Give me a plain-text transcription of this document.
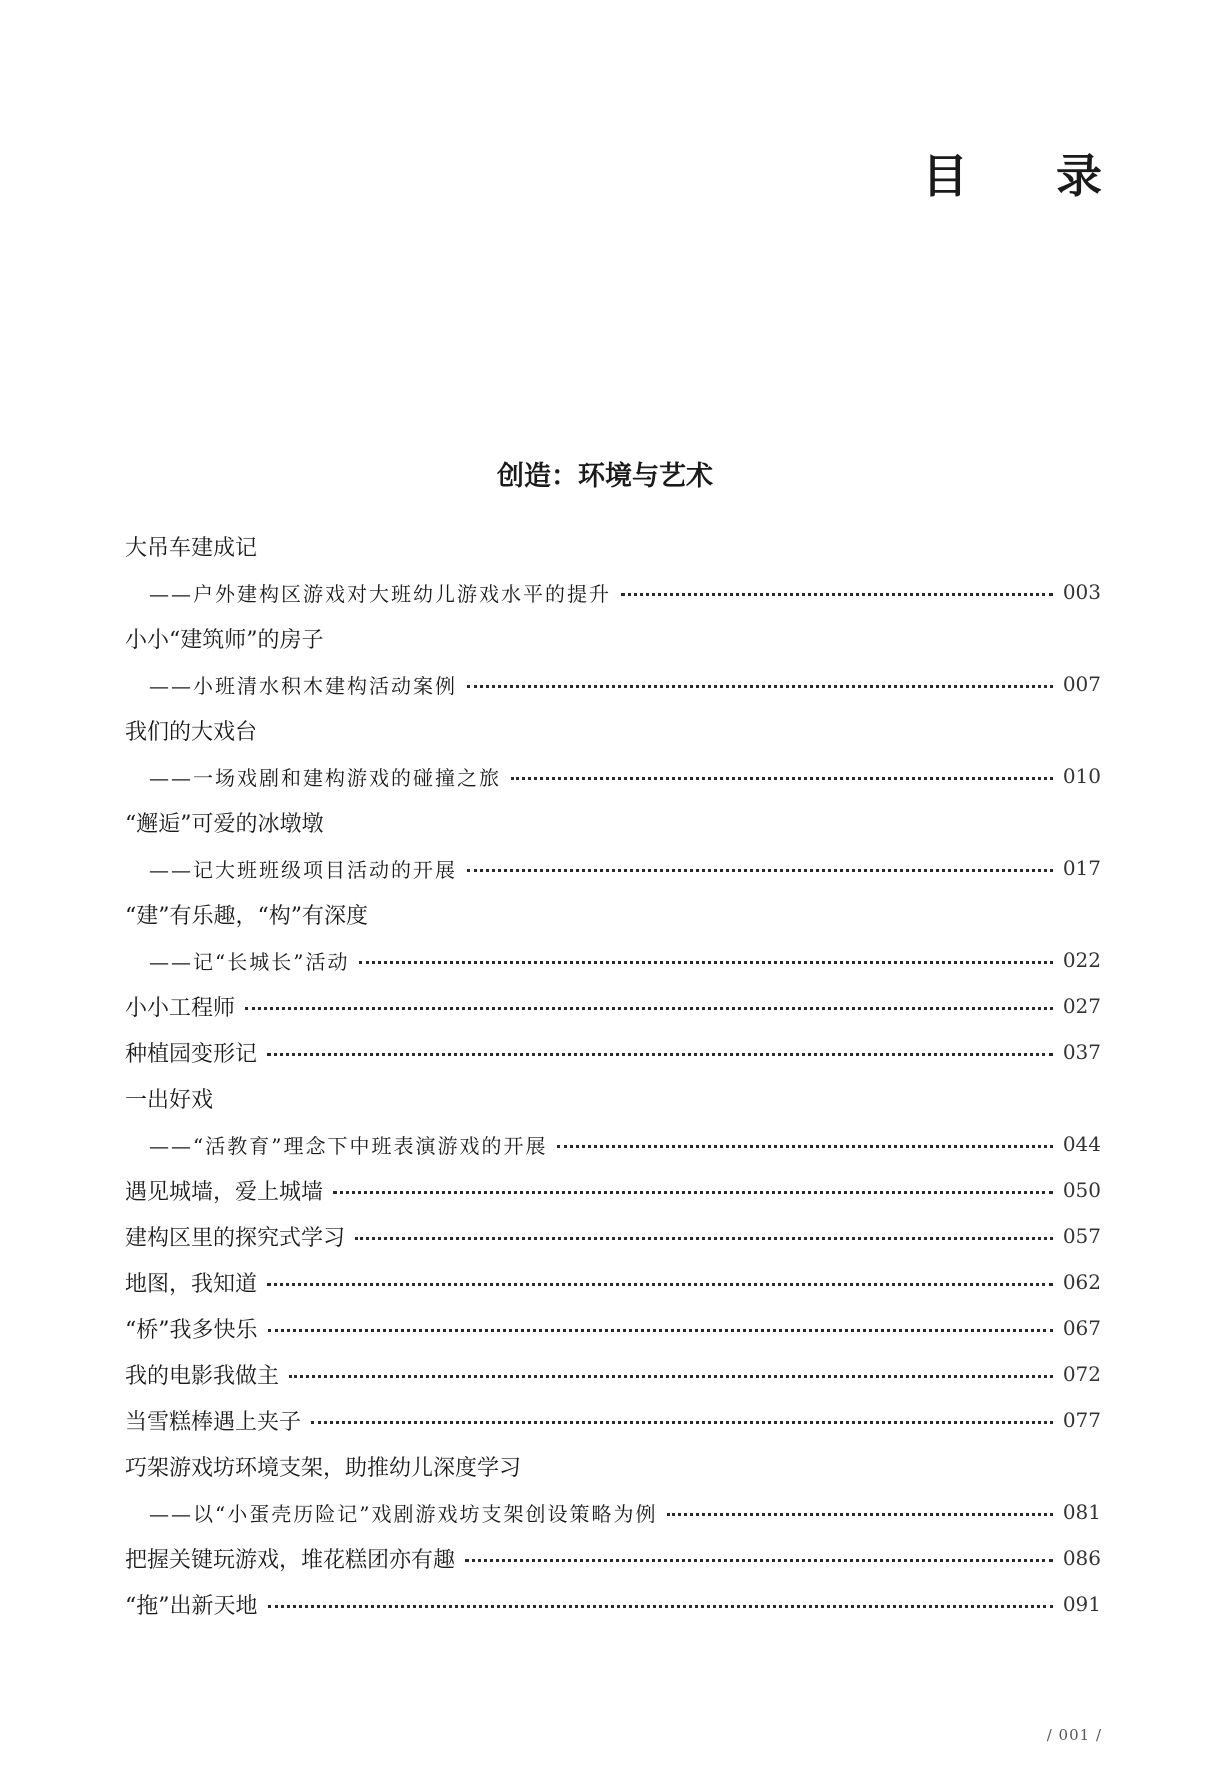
目 录
创造：环境与艺术
大吊车建成记
——户外建构区游戏对大班幼儿游戏水平的提升	003
小小“建筑师”的房子
——小班清水积木建构活动案例	007
我们的大戏台
——一场戏剧和建构游戏的碰撞之旅	010
“邂逅”可爱的冰墩墩
——记大班班级项目活动的开展	017
“建”有乐趣，“构”有深度
——记“长城长”活动	022
小小工程师	027
种植园变形记	037
一出好戏
——“活教育”理念下中班表演游戏的开展	044
遇见城墙，爱上城墙	050
建构区里的探究式学习	057
地图，我知道	062
“桥”我多快乐	067
我的电影我做主	072
当雪糕棒遇上夹子	077
巧架游戏坊环境支架，助推幼儿深度学习
——以“小蛋壳历险记”戏剧游戏坊支架创设策略为例	081
把握关键玩游戏，堆花糕团亦有趣	086
“拖”出新天地	091
/ 001 /
